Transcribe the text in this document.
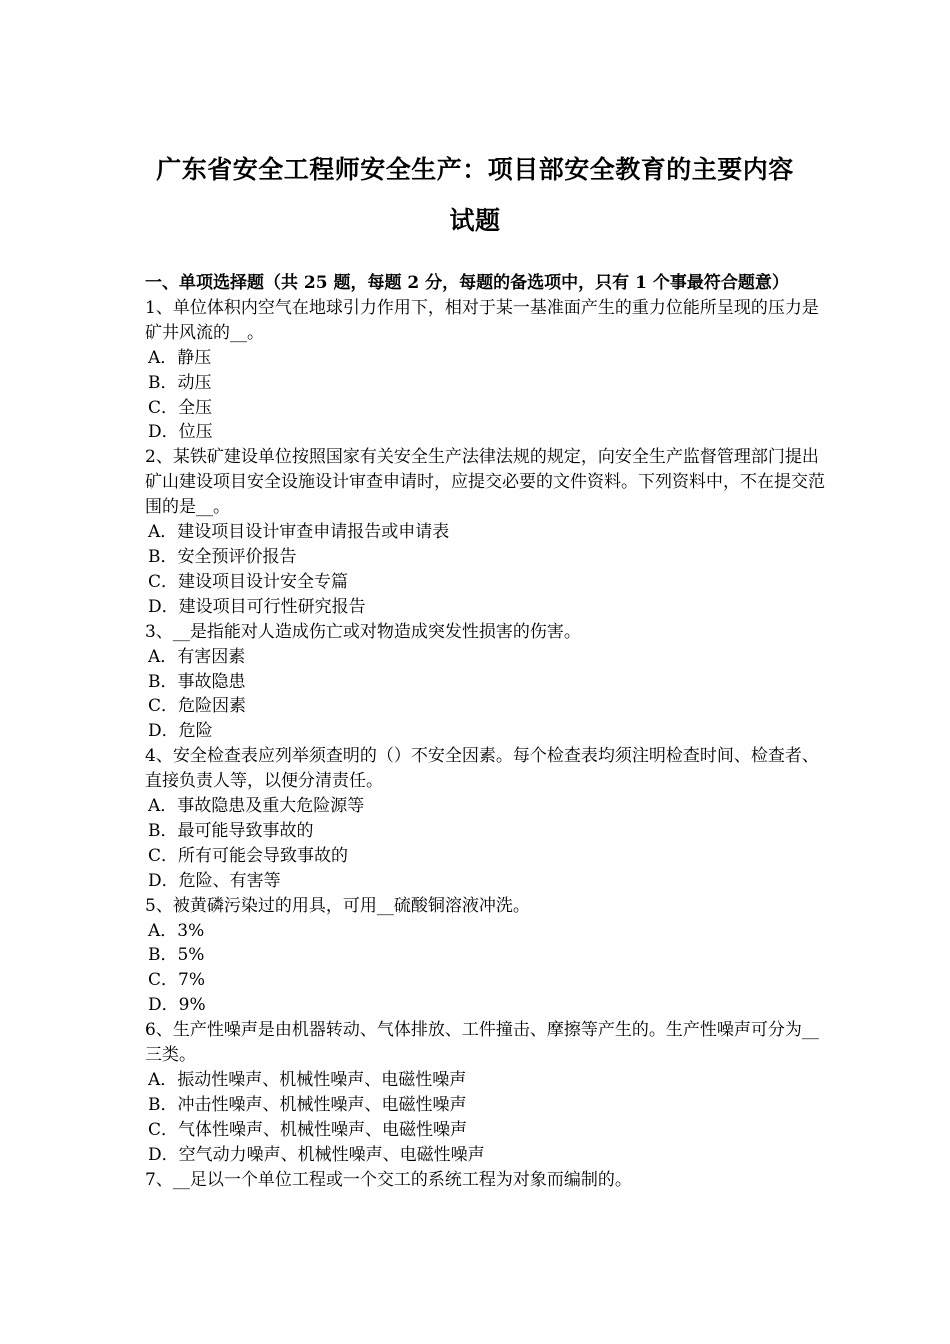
广东省安全工程师安全生产：项目部安全教育的主要内容
试题

一、单项选择题（共 25 题，每题 2 分，每题的备选项中，只有 1 个事最符合题意）

1、单位体积内空气在地球引力作用下，相对于某一基准面产生的重力位能所呈现的压力是矿井风流的__。

A．静压

B．动压

C．全压

D．位压

2、某铁矿建设单位按照国家有关安全生产法律法规的规定，向安全生产监督管理部门提出矿山建设项目安全设施设计审查申请时，应提交必要的文件资料。下列资料中，不在提交范围的是__。

A．建设项目设计审查申请报告或申请表

B．安全预评价报告

C．建设项目设计安全专篇

D．建设项目可行性研究报告

3、__是指能对人造成伤亡或对物造成突发性损害的伤害。

A．有害因素

B．事故隐患

C．危险因素

D．危险

4、安全检查表应列举须查明的（）不安全因素。每个检查表均须注明检查时间、检查者、直接负责人等，以便分清责任。

A．事故隐患及重大危险源等

B．最可能导致事故的

C．所有可能会导致事故的

D．危险、有害等

5、被黄磷污染过的用具，可用__硫酸铜溶液冲洗。

A．3%

B．5%

C．7%

D．9%

6、生产性噪声是由机器转动、气体排放、工件撞击、摩擦等产生的。生产性噪声可分为__三类。

A．振动性噪声、机械性噪声、电磁性噪声

B．冲击性噪声、机械性噪声、电磁性噪声

C．气体性噪声、机械性噪声、电磁性噪声

D．空气动力噪声、机械性噪声、电磁性噪声

7、__足以一个单位工程或一个交工的系统工程为对象而编制的。
